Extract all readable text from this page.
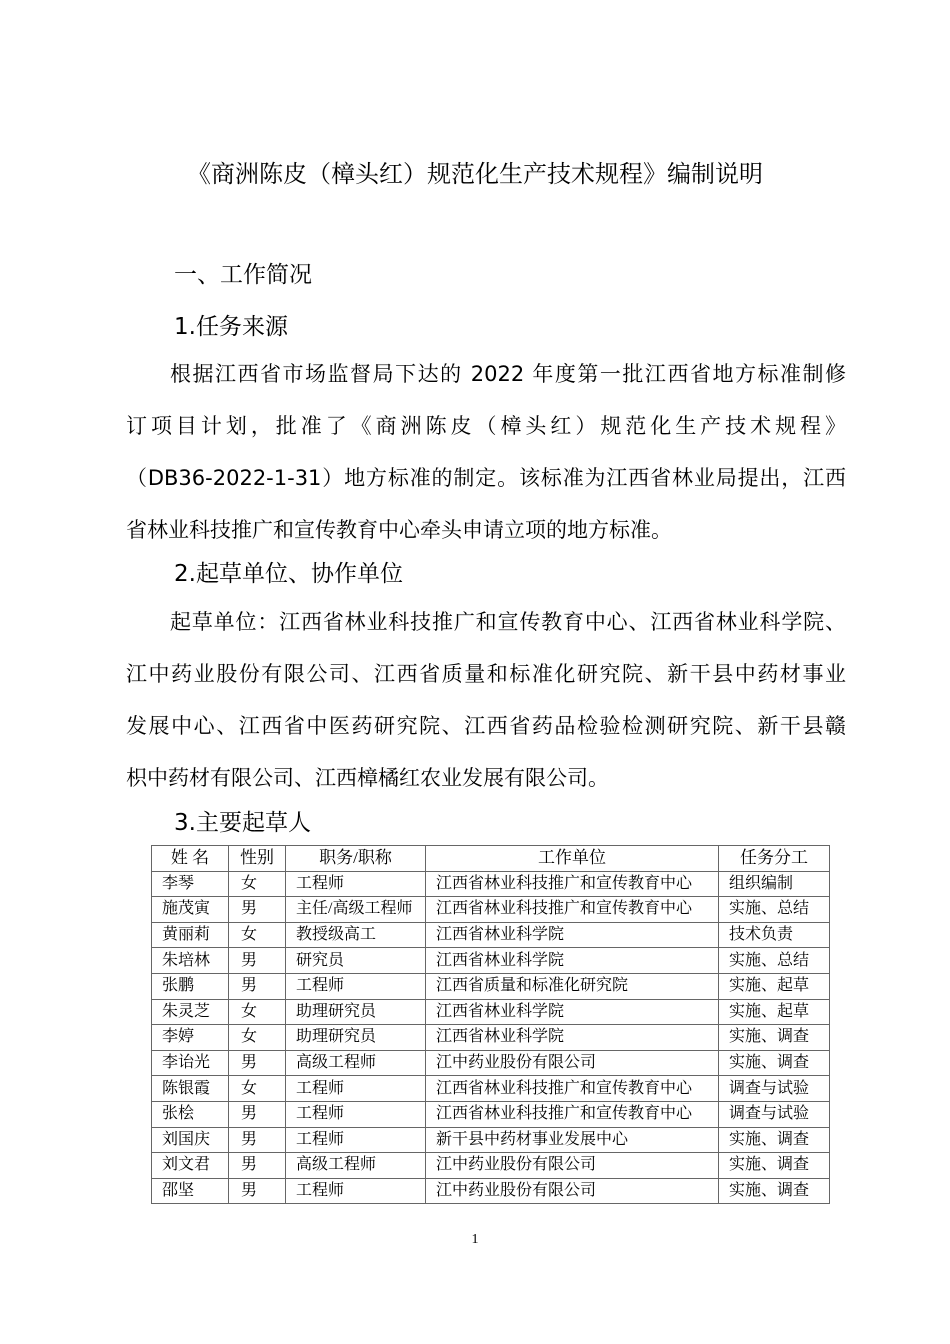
《商洲陈皮（樟头红）规范化生产技术规程》编制说明
一、工作简况
1.任务来源
根据江西省市场监督局下达的 2022 年度第一批江西省地方标准制修
订项目计划，批准了《商洲陈皮（樟头红）规范化生产技术规程》
（DB36-2022-1-31）地方标准的制定。该标准为江西省林业局提出，江西
省林业科技推广和宣传教育中心牵头申请立项的地方标准。
2.起草单位、协作单位
起草单位：江西省林业科技推广和宣传教育中心、江西省林业科学院、
江中药业股份有限公司、江西省质量和标准化研究院、新干县中药材事业
发展中心、江西省中医药研究院、江西省药品检验检测研究院、新干县赣
枳中药材有限公司、江西樟橘红农业发展有限公司。
3.主要起草人
姓 名	性别	职务/职称	工作单位	任务分工
李琴	女	工程师	江西省林业科技推广和宣传教育中心	组织编制
施茂寅	男	主任/高级工程师	江西省林业科技推广和宣传教育中心	实施、总结
黄丽莉	女	教授级高工	江西省林业科学院	技术负责
朱培林	男	研究员	江西省林业科学院	实施、总结
张鹏	男	工程师	江西省质量和标准化研究院	实施、起草
朱灵芝	女	助理研究员	江西省林业科学院	实施、起草
李婷	女	助理研究员	江西省林业科学院	实施、调查
李诒光	男	高级工程师	江中药业股份有限公司	实施、调查
陈银霞	女	工程师	江西省林业科技推广和宣传教育中心	调查与试验
张桧	男	工程师	江西省林业科技推广和宣传教育中心	调查与试验
刘国庆	男	工程师	新干县中药材事业发展中心	实施、调查
刘文君	男	高级工程师	江中药业股份有限公司	实施、调查
邵坚	男	工程师	江中药业股份有限公司	实施、调查
1
